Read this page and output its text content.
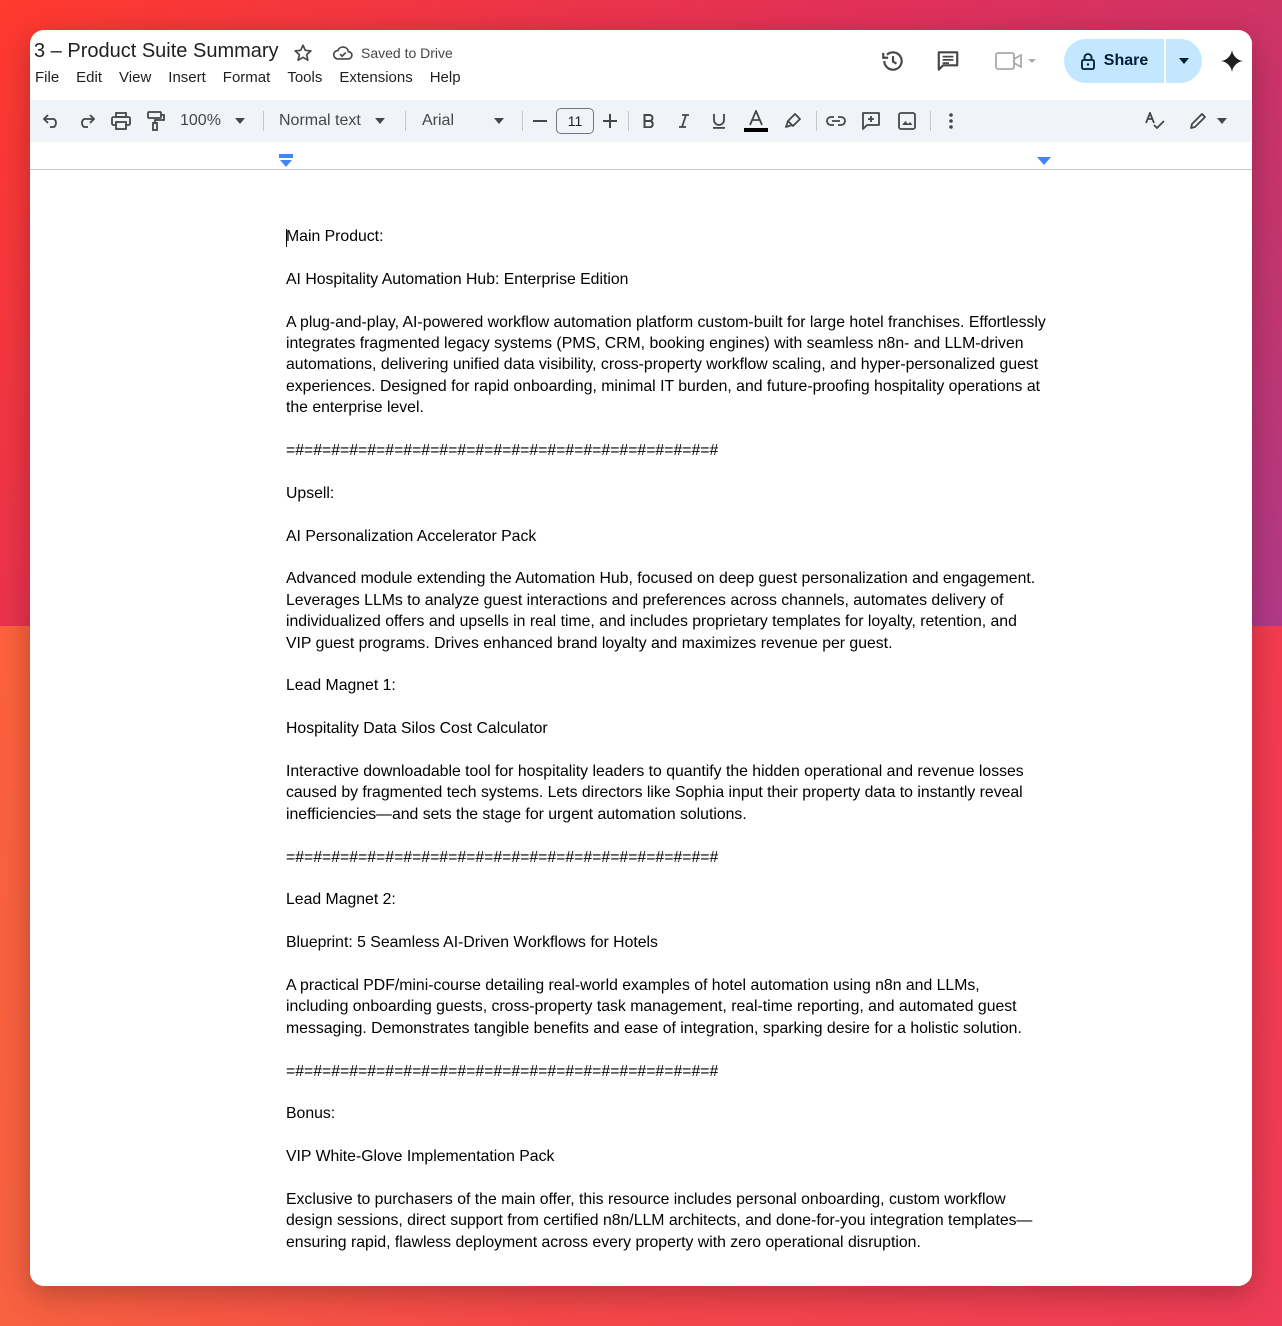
3 – Product Suite Summary	Saved to Drive
File	Edit	View	Insert	Format	Tools	Extensions	Help
Share
100%	Normal text	Arial	11

Main Product:

AI Hospitality Automation Hub: Enterprise Edition

A plug-and-play, AI-powered workflow automation platform custom-built for large hotel franchises. Effortlessly integrates fragmented legacy systems (PMS, CRM, booking engines) with seamless n8n- and LLM-driven automations, delivering unified data visibility, cross-property workflow scaling, and hyper-personalized guest experiences. Designed for rapid onboarding, minimal IT burden, and future-proofing hospitality operations at the enterprise level.

=#=#=#=#=#=#=#=#=#=#=#=#=#=#=#=#=#=#=#=#=#=#=#=#

Upsell:

AI Personalization Accelerator Pack

Advanced module extending the Automation Hub, focused on deep guest personalization and engagement. Leverages LLMs to analyze guest interactions and preferences across channels, automates delivery of individualized offers and upsells in real time, and includes proprietary templates for loyalty, retention, and VIP guest programs. Drives enhanced brand loyalty and maximizes revenue per guest.

Lead Magnet 1:

Hospitality Data Silos Cost Calculator

Interactive downloadable tool for hospitality leaders to quantify the hidden operational and revenue losses caused by fragmented tech systems. Lets directors like Sophia input their property data to instantly reveal inefficiencies—and sets the stage for urgent automation solutions.

=#=#=#=#=#=#=#=#=#=#=#=#=#=#=#=#=#=#=#=#=#=#=#=#

Lead Magnet 2:

Blueprint: 5 Seamless AI-Driven Workflows for Hotels

A practical PDF/mini-course detailing real-world examples of hotel automation using n8n and LLMs, including onboarding guests, cross-property task management, real-time reporting, and automated guest messaging. Demonstrates tangible benefits and ease of integration, sparking desire for a holistic solution.

=#=#=#=#=#=#=#=#=#=#=#=#=#=#=#=#=#=#=#=#=#=#=#=#

Bonus:

VIP White-Glove Implementation Pack

Exclusive to purchasers of the main offer, this resource includes personal onboarding, custom workflow design sessions, direct support from certified n8n/LLM architects, and done-for-you integration templates—ensuring rapid, flawless deployment across every property with zero operational disruption.
